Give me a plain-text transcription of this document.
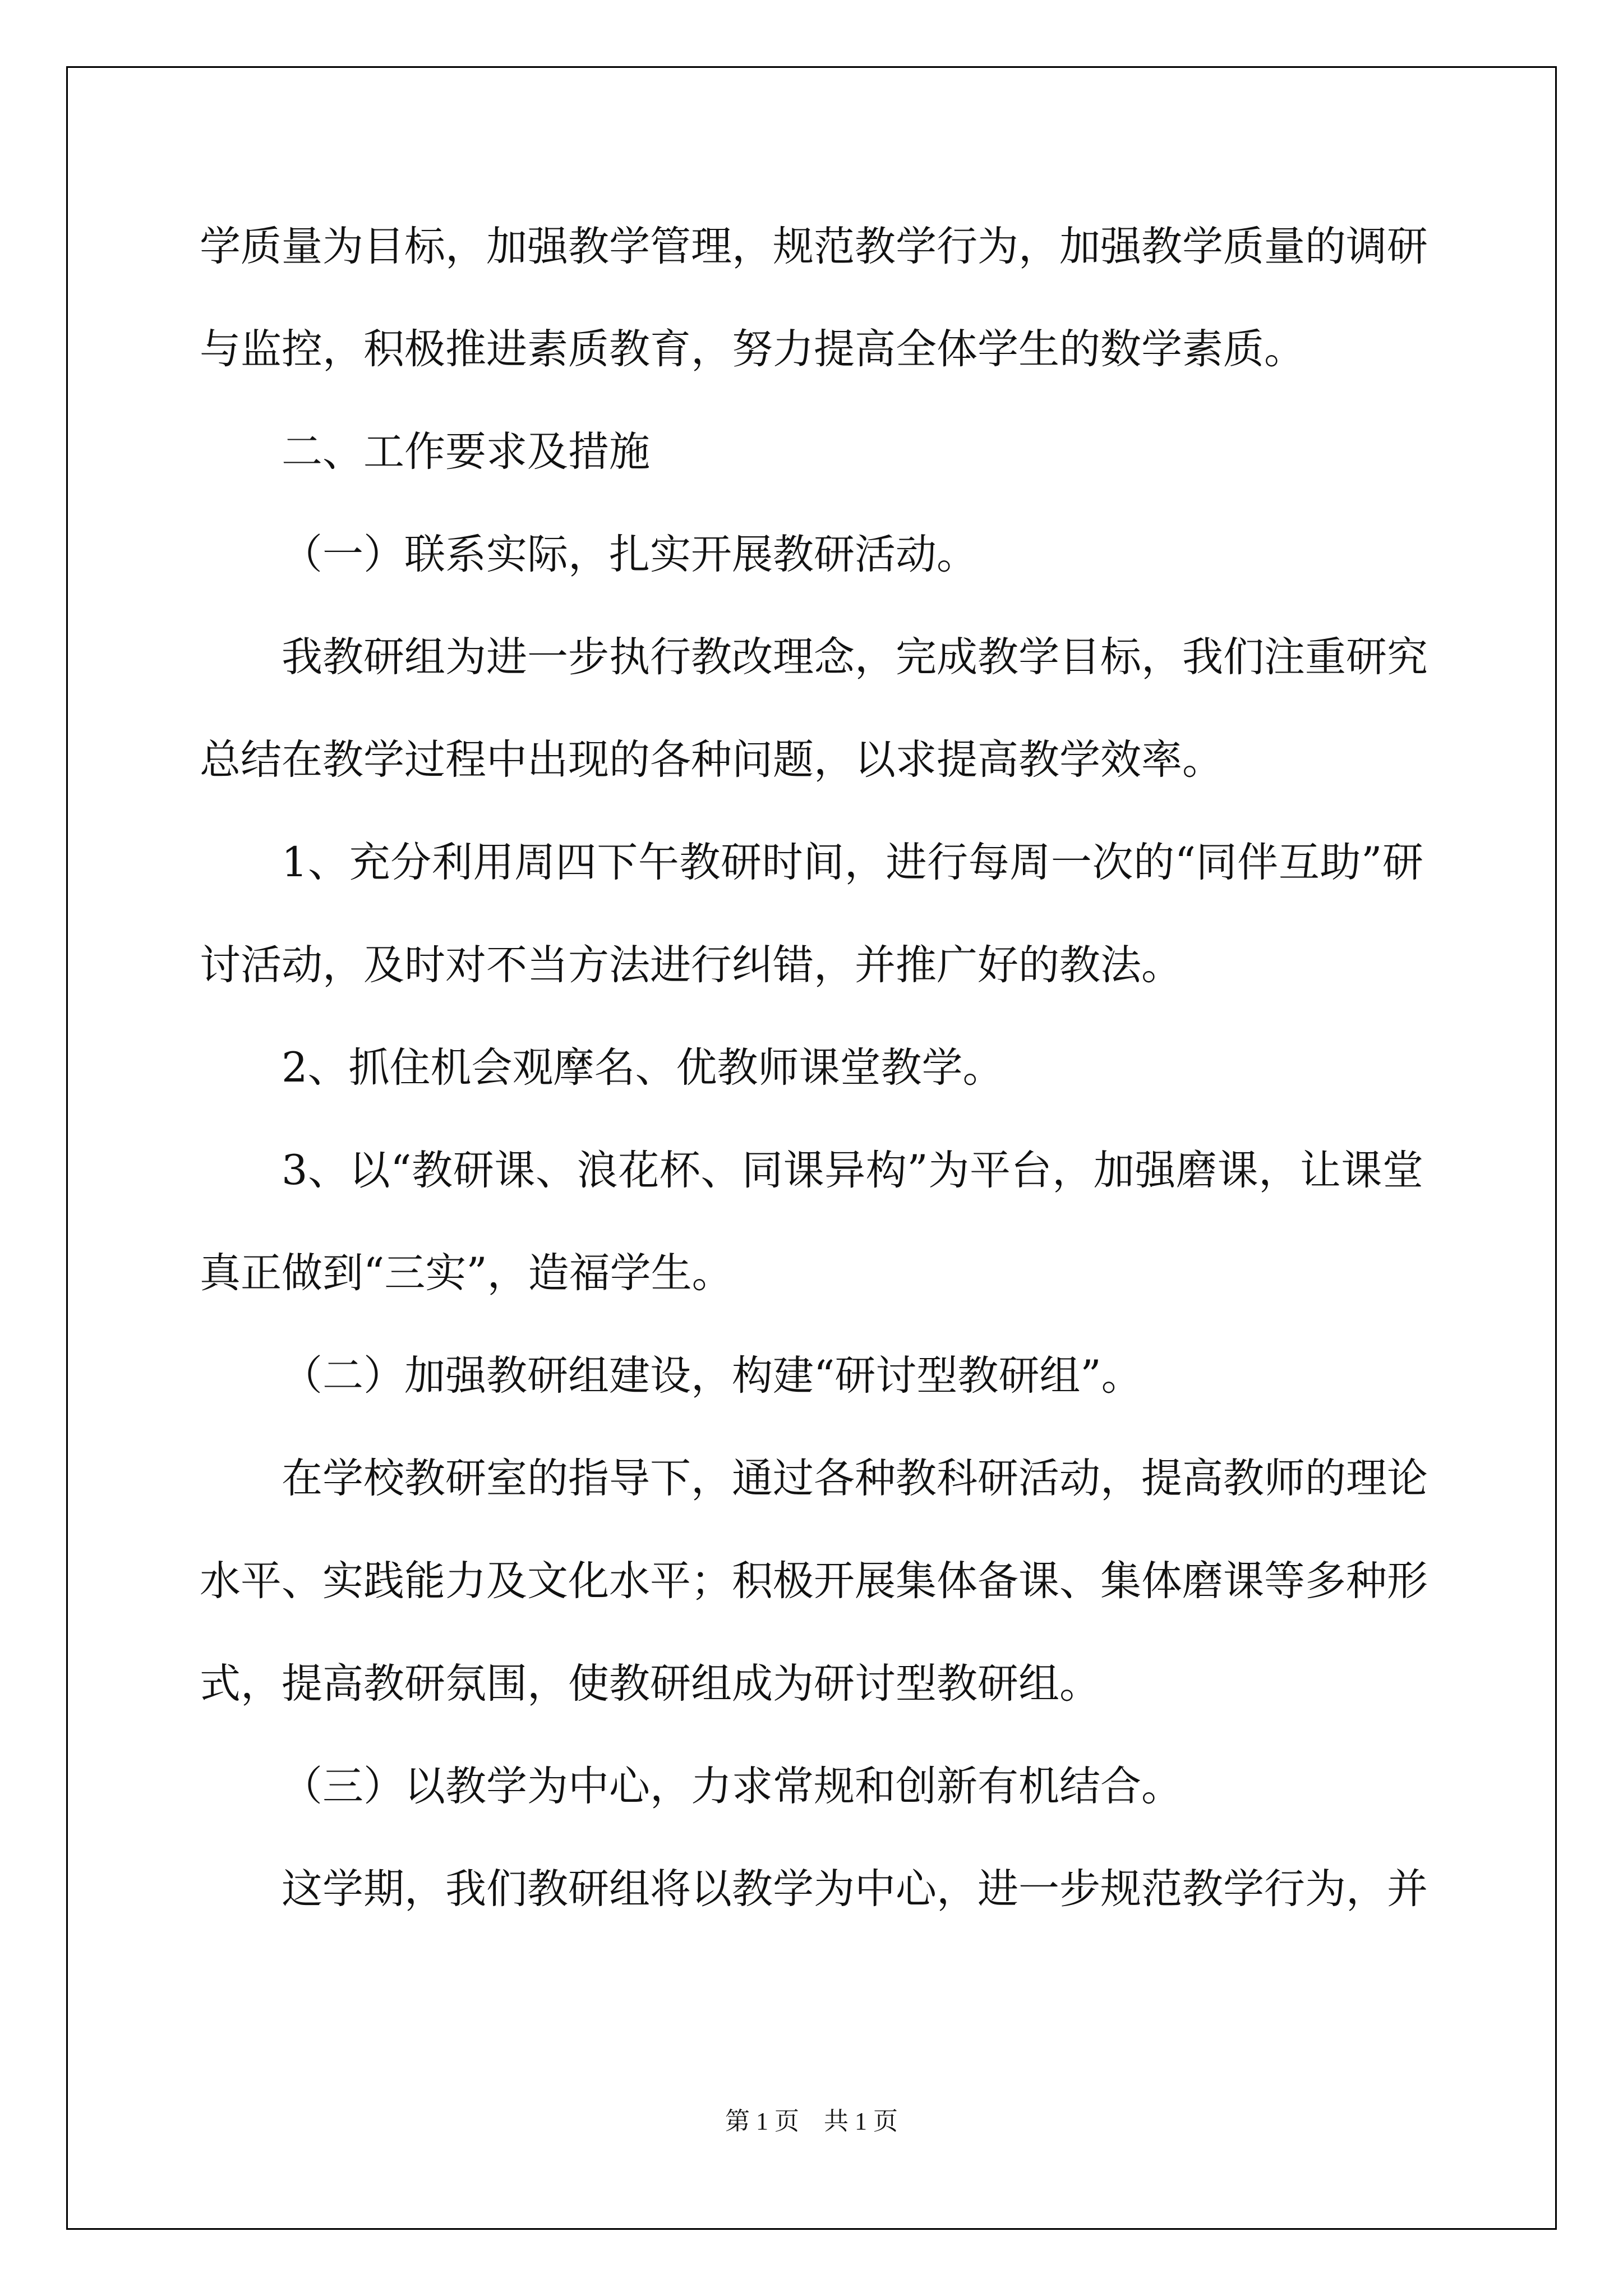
学质量为目标，加强教学管理，规范教学行为，加强教学质量的调研
与监控，积极推进素质教育，努力提高全体学生的数学素质。
二、工作要求及措施
（一）联系实际，扎实开展教研活动。
我教研组为进一步执行教改理念，完成教学目标，我们注重研究
总结在教学过程中出现的各种问题，以求提高教学效率。
1、充分利用周四下午教研时间，进行每周一次的“同伴互助”研
讨活动，及时对不当方法进行纠错，并推广好的教法。
2、抓住机会观摩名、优教师课堂教学。
3、以“教研课、浪花杯、同课异构”为平台，加强磨课，让课堂
真正做到“三实”，造福学生。
（二）加强教研组建设，构建“研讨型教研组”。
在学校教研室的指导下，通过各种教科研活动，提高教师的理论
水平、实践能力及文化水平；积极开展集体备课、集体磨课等多种形
式，提高教研氛围，使教研组成为研讨型教研组。
（三）以教学为中心，力求常规和创新有机结合。
这学期，我们教研组将以教学为中心，进一步规范教学行为，并
第 1 页 共 1 页
